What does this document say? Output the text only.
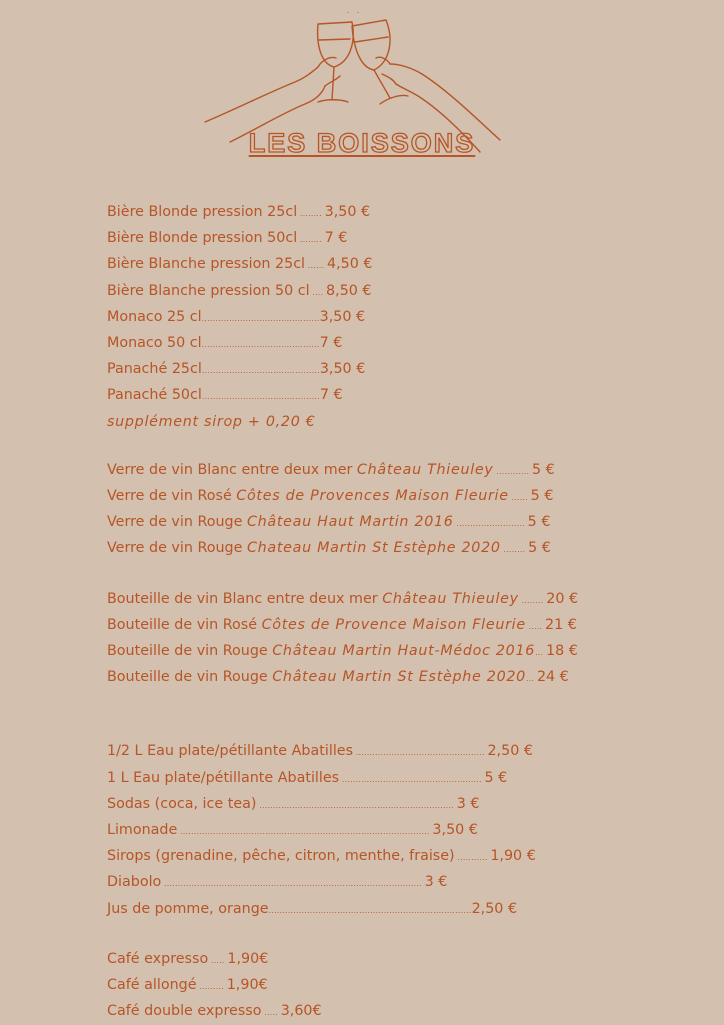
LES BOISSONS
Bière Blonde pression 25cl ........ 3,50 €
Bière Blonde pression 50cl ........ 7 €
Bière Blanche pression 25cl ...... 4,50 €
Bière Blanche pression 50 cl .... 8,50 €
Monaco 25 cl...........................................3,50 €
Monaco 50 cl...........................................7 €
Panaché 25cl...........................................3,50 €
Panaché 50cl...........................................7 €
supplément sirop + 0,20 €
Verre de vin Blanc entre deux mer Château Thieuley ............ 5 €
Verre de vin Rosé Côtes de Provences Maison Fleurie ...... 5 €
Verre de vin Rouge Château Haut Martin 2016 ......................... 5 €
Verre de vin Rouge Chateau Martin St Estèphe 2020 ........ 5 €
Bouteille de vin Blanc entre deux mer Château Thieuley ........ 20 €
Bouteille de vin Rosé Côtes de Provence Maison Fleurie ..... 21 €
Bouteille de vin Rouge Château Martin Haut-Médoc 2016... 18 €
Bouteille de vin Rouge Château Martin St Estèphe 2020... 24 €
1/2 L Eau plate/pétillante Abatilles ............................................... 2,50 €
1 L Eau plate/pétillante Abatilles ................................................... 5 €
Sodas (coca, ice tea) ....................................................................... 3 €
Limonade ........................................................................................... 3,50 €
Sirops (grenadine, pêche, citron, menthe, fraise) ........... 1,90 €
Diabolo .............................................................................................. 3 €
Jus de pomme, orange..........................................................................2,50 €
Café expresso ..... 1,90€
Café allongé ......... 1,90€
Café double expresso ..... 3,60€
